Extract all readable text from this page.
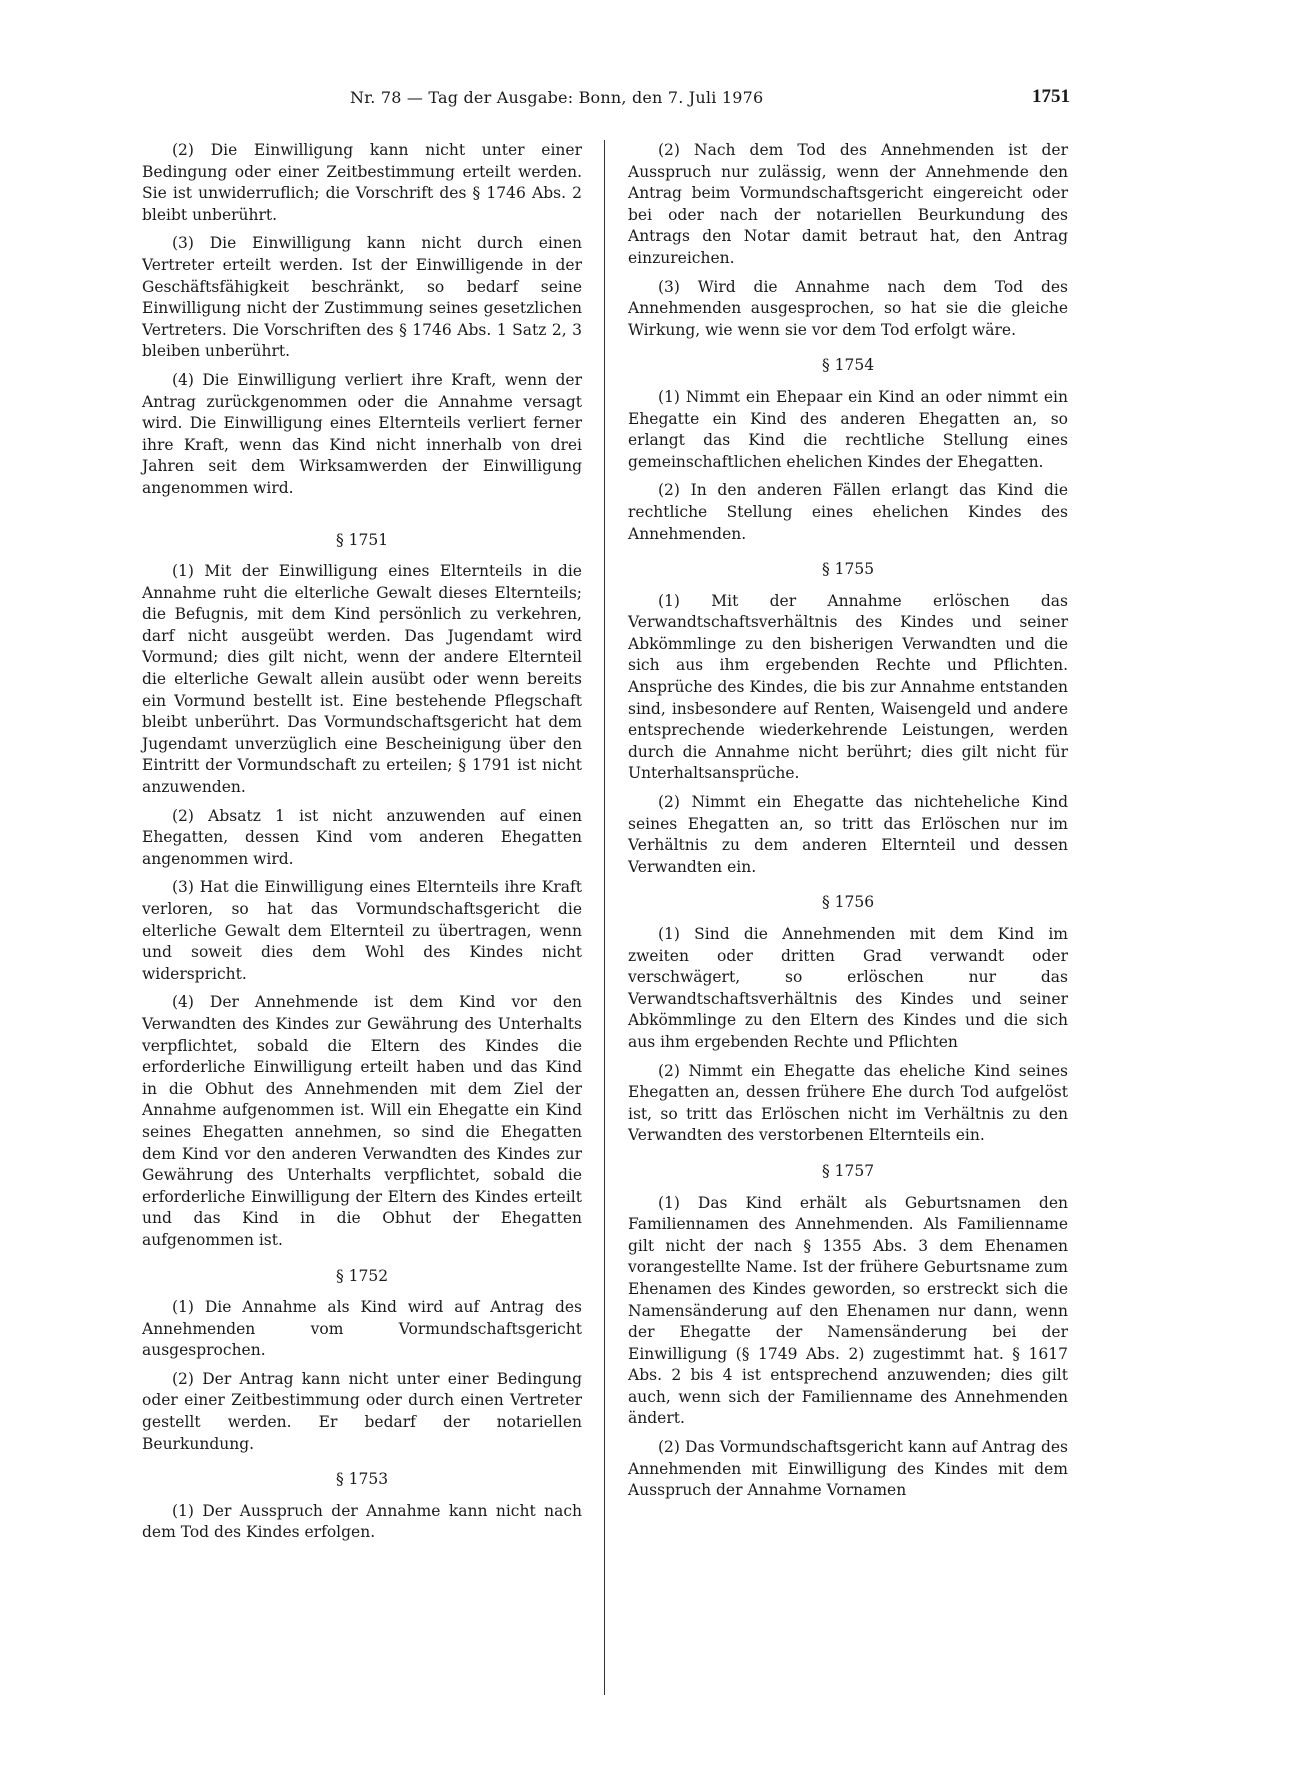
Nr. 78 — Tag der Ausgabe: Bonn, den 7. Juli 1976	1751

(2) Die Einwilligung kann nicht unter einer Bedingung oder einer Zeitbestimmung erteilt werden. Sie ist unwiderruflich; die Vorschrift des § 1746 Abs. 2 bleibt unberührt.

(3) Die Einwilligung kann nicht durch einen Vertreter erteilt werden. Ist der Einwilligende in der Geschäftsfähigkeit beschränkt, so bedarf seine Einwilligung nicht der Zustimmung seines gesetzlichen Vertreters. Die Vorschriften des § 1746 Abs. 1 Satz 2, 3 bleiben unberührt.

(4) Die Einwilligung verliert ihre Kraft, wenn der Antrag zurückgenommen oder die Annahme versagt wird. Die Einwilligung eines Elternteils verliert ferner ihre Kraft, wenn das Kind nicht innerhalb von drei Jahren seit dem Wirksamwerden der Einwilligung angenommen wird.

§ 1751

(1) Mit der Einwilligung eines Elternteils in die Annahme ruht die elterliche Gewalt dieses Elternteils; die Befugnis, mit dem Kind persönlich zu verkehren, darf nicht ausgeübt werden. Das Jugendamt wird Vormund; dies gilt nicht, wenn der andere Elternteil die elterliche Gewalt allein ausübt oder wenn bereits ein Vormund bestellt ist. Eine bestehende Pflegschaft bleibt unberührt. Das Vormundschaftsgericht hat dem Jugendamt unverzüglich eine Bescheinigung über den Eintritt der Vormundschaft zu erteilen; § 1791 ist nicht anzuwenden.

(2) Absatz 1 ist nicht anzuwenden auf einen Ehegatten, dessen Kind vom anderen Ehegatten angenommen wird.

(3) Hat die Einwilligung eines Elternteils ihre Kraft verloren, so hat das Vormundschaftsgericht die elterliche Gewalt dem Elternteil zu übertragen, wenn und soweit dies dem Wohl des Kindes nicht widerspricht.

(4) Der Annehmende ist dem Kind vor den Verwandten des Kindes zur Gewährung des Unterhalts verpflichtet, sobald die Eltern des Kindes die erforderliche Einwilligung erteilt haben und das Kind in die Obhut des Annehmenden mit dem Ziel der Annahme aufgenommen ist. Will ein Ehegatte ein Kind seines Ehegatten annehmen, so sind die Ehegatten dem Kind vor den anderen Verwandten des Kindes zur Gewährung des Unterhalts verpflichtet, sobald die erforderliche Einwilligung der Eltern des Kindes erteilt und das Kind in die Obhut der Ehegatten aufgenommen ist.

§ 1752

(1) Die Annahme als Kind wird auf Antrag des Annehmenden vom Vormundschaftsgericht ausgesprochen.

(2) Der Antrag kann nicht unter einer Bedingung oder einer Zeitbestimmung oder durch einen Vertreter gestellt werden. Er bedarf der notariellen Beurkundung.

§ 1753

(1) Der Ausspruch der Annahme kann nicht nach dem Tod des Kindes erfolgen.

(2) Nach dem Tod des Annehmenden ist der Ausspruch nur zulässig, wenn der Annehmende den Antrag beim Vormundschaftsgericht eingereicht oder bei oder nach der notariellen Beurkundung des Antrags den Notar damit betraut hat, den Antrag einzureichen.

(3) Wird die Annahme nach dem Tod des Annehmenden ausgesprochen, so hat sie die gleiche Wirkung, wie wenn sie vor dem Tod erfolgt wäre.

§ 1754

(1) Nimmt ein Ehepaar ein Kind an oder nimmt ein Ehegatte ein Kind des anderen Ehegatten an, so erlangt das Kind die rechtliche Stellung eines gemeinschaftlichen ehelichen Kindes der Ehegatten.

(2) In den anderen Fällen erlangt das Kind die rechtliche Stellung eines ehelichen Kindes des Annehmenden.

§ 1755

(1) Mit der Annahme erlöschen das Verwandtschaftsverhältnis des Kindes und seiner Abkömmlinge zu den bisherigen Verwandten und die sich aus ihm ergebenden Rechte und Pflichten. Ansprüche des Kindes, die bis zur Annahme entstanden sind, insbesondere auf Renten, Waisengeld und andere entsprechende wiederkehrende Leistungen, werden durch die Annahme nicht berührt; dies gilt nicht für Unterhaltsansprüche.

(2) Nimmt ein Ehegatte das nichteheliche Kind seines Ehegatten an, so tritt das Erlöschen nur im Verhältnis zu dem anderen Elternteil und dessen Verwandten ein.

§ 1756

(1) Sind die Annehmenden mit dem Kind im zweiten oder dritten Grad verwandt oder verschwägert, so erlöschen nur das Verwandtschaftsverhältnis des Kindes und seiner Abkömmlinge zu den Eltern des Kindes und die sich aus ihm ergebenden Rechte und Pflichten

(2) Nimmt ein Ehegatte das eheliche Kind seines Ehegatten an, dessen frühere Ehe durch Tod aufgelöst ist, so tritt das Erlöschen nicht im Verhältnis zu den Verwandten des verstorbenen Elternteils ein.

§ 1757

(1) Das Kind erhält als Geburtsnamen den Familiennamen des Annehmenden. Als Familienname gilt nicht der nach § 1355 Abs. 3 dem Ehenamen vorangestellte Name. Ist der frühere Geburtsname zum Ehenamen des Kindes geworden, so erstreckt sich die Namensänderung auf den Ehenamen nur dann, wenn der Ehegatte der Namensänderung bei der Einwilligung (§ 1749 Abs. 2) zugestimmt hat. § 1617 Abs. 2 bis 4 ist entsprechend anzuwenden; dies gilt auch, wenn sich der Familienname des Annehmenden ändert.

(2) Das Vormundschaftsgericht kann auf Antrag des Annehmenden mit Einwilligung des Kindes mit dem Ausspruch der Annahme Vornamen
